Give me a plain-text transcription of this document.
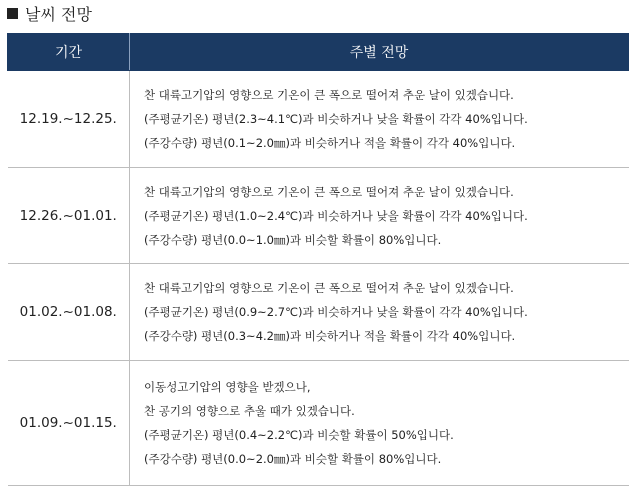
날씨 전망
기간	주별 전망
12.19.~12.25.	찬 대륙고기압의 영향으로 기온이 큰 폭으로 떨어져 추운 날이 있겠습니다.
(주평균기온) 평년(2.3~4.1℃)과 비슷하거나 낮을 확률이 각각 40%입니다.
(주강수량) 평년(0.1~2.0㎜)과 비슷하거나 적을 확률이 각각 40%입니다.

12.26.~01.01.	찬 대륙고기압의 영향으로 기온이 큰 폭으로 떨어져 추운 날이 있겠습니다.
(주평균기온) 평년(1.0~2.4℃)과 비슷하거나 낮을 확률이 각각 40%입니다.
(주강수량) 평년(0.0~1.0㎜)과 비슷할 확률이 80%입니다.

01.02.~01.08.	찬 대륙고기압의 영향으로 기온이 큰 폭으로 떨어져 추운 날이 있겠습니다.
(주평균기온) 평년(0.9~2.7℃)과 비슷하거나 낮을 확률이 각각 40%입니다.
(주강수량) 평년(0.3~4.2㎜)과 비슷하거나 적을 확률이 각각 40%입니다.

01.09.~01.15.	이동성고기압의 영향을 받겠으나,
찬 공기의 영향으로 추울 때가 있겠습니다.
(주평균기온) 평년(0.4~2.2℃)과 비슷할 확률이 50%입니다.
(주강수량) 평년(0.0~2.0㎜)과 비슷할 확률이 80%입니다.
